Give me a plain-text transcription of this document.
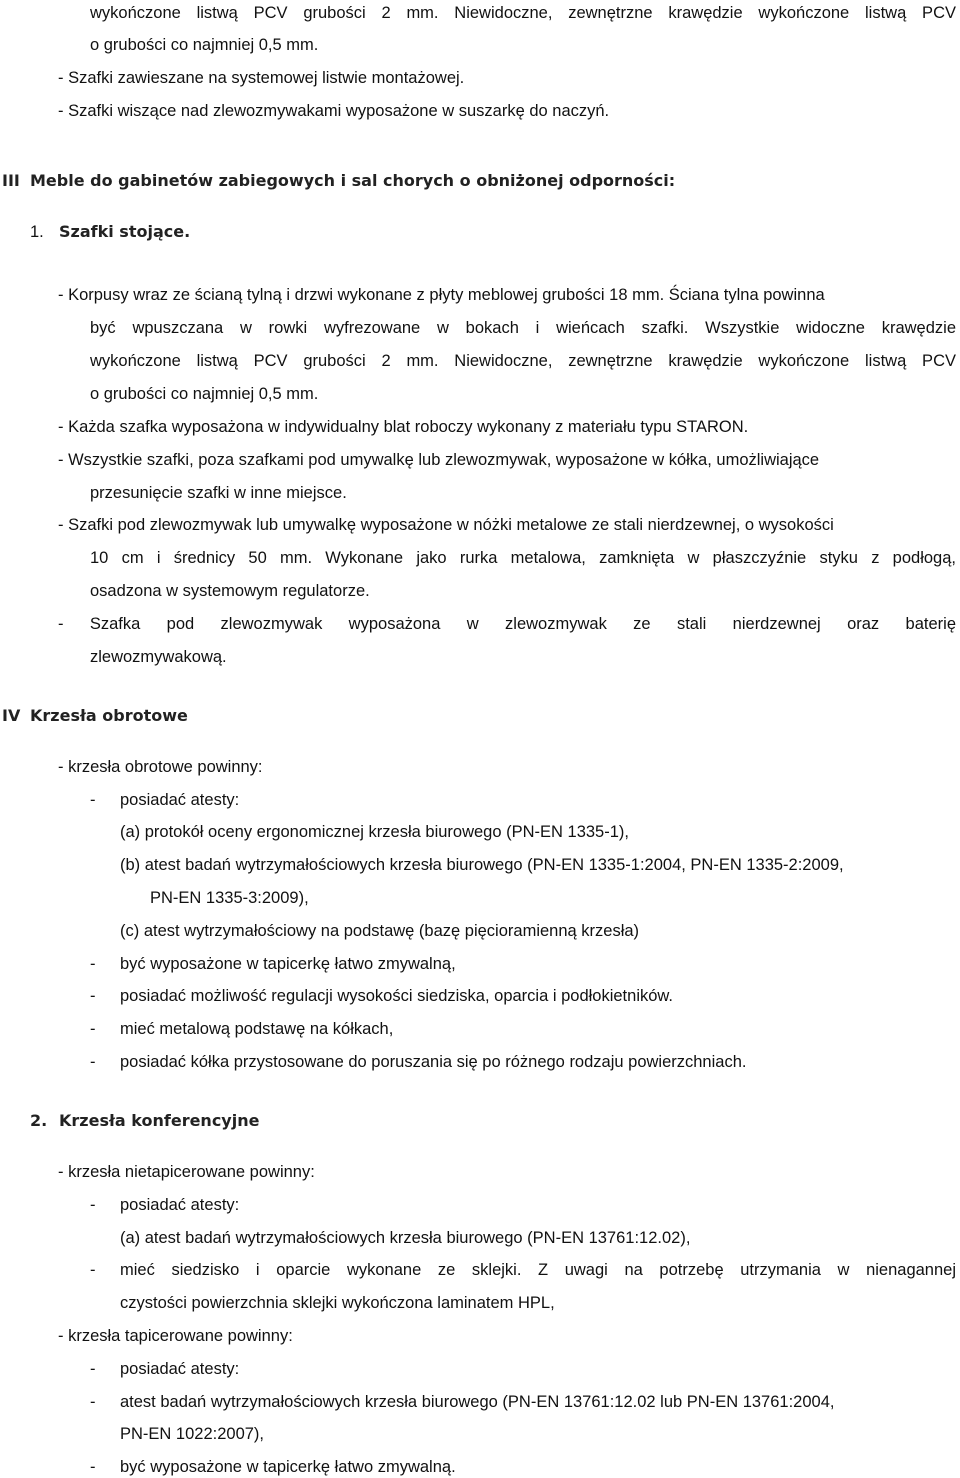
wykończone listwą PCV grubości 2 mm. Niewidoczne, zewnętrzne krawędzie wykończone listwą PCV
o grubości co najmniej 0,5 mm.
- Szafki zawieszane na systemowej listwie montażowej.
- Szafki wiszące nad zlewozmywakami wyposażone w suszarkę do naczyń.
III Meble do gabinetów zabiegowych i sal chorych o obniżonej odporności:
1. Szafki stojące.
- Korpusy wraz ze ścianą tylną i drzwi wykonane z płyty meblowej grubości 18 mm. Ściana tylna powinna
być wpuszczana w rowki wyfrezowane w bokach i wieńcach szafki. Wszystkie widoczne krawędzie
wykończone listwą PCV grubości 2 mm. Niewidoczne, zewnętrzne krawędzie wykończone listwą PCV
o grubości co najmniej 0,5 mm.
- Każda szafka wyposażona w indywidualny blat roboczy wykonany z materiału typu STARON.
- Wszystkie szafki, poza szafkami pod umywalkę lub zlewozmywak, wyposażone w kółka, umożliwiające
przesunięcie szafki w inne miejsce.
- Szafki pod zlewozmywak lub umywalkę wyposażone w nóżki metalowe ze stali nierdzewnej, o wysokości
10 cm i średnicy 50 mm. Wykonane jako rurka metalowa, zamknięta w płaszczyźnie styku z podłogą,
osadzona w systemowym regulatorze.
- Szafka pod zlewozmywak wyposażona w zlewozmywak ze stali nierdzewnej oraz baterię
zlewozmywakową.
IV Krzesła obrotowe
- krzesła obrotowe powinny:
- posiadać atesty:
(a) protokół oceny ergonomicznej krzesła biurowego (PN-EN 1335-1),
(b) atest badań wytrzymałościowych krzesła biurowego (PN-EN 1335-1:2004, PN-EN 1335-2:2009,
PN-EN 1335-3:2009),
(c) atest wytrzymałościowy na podstawę (bazę pięcioramienną krzesła)
- być wyposażone w tapicerkę łatwo zmywalną,
- posiadać możliwość regulacji wysokości siedziska, oparcia i podłokietników.
- mieć metalową podstawę na kółkach,
- posiadać kółka przystosowane do poruszania się po różnego rodzaju powierzchniach.
2. Krzesła konferencyjne
- krzesła nietapicerowane powinny:
- posiadać atesty:
(a) atest badań wytrzymałościowych krzesła biurowego (PN-EN 13761:12.02),
- mieć siedzisko i oparcie wykonane ze sklejki. Z uwagi na potrzebę utrzymania w nienagannej
czystości powierzchnia sklejki wykończona laminatem HPL,
- krzesła tapicerowane powinny:
- posiadać atesty:
- atest badań wytrzymałościowych krzesła biurowego (PN-EN 13761:12.02 lub PN-EN 13761:2004,
PN-EN 1022:2007),
- być wyposażone w tapicerkę łatwo zmywalną.
